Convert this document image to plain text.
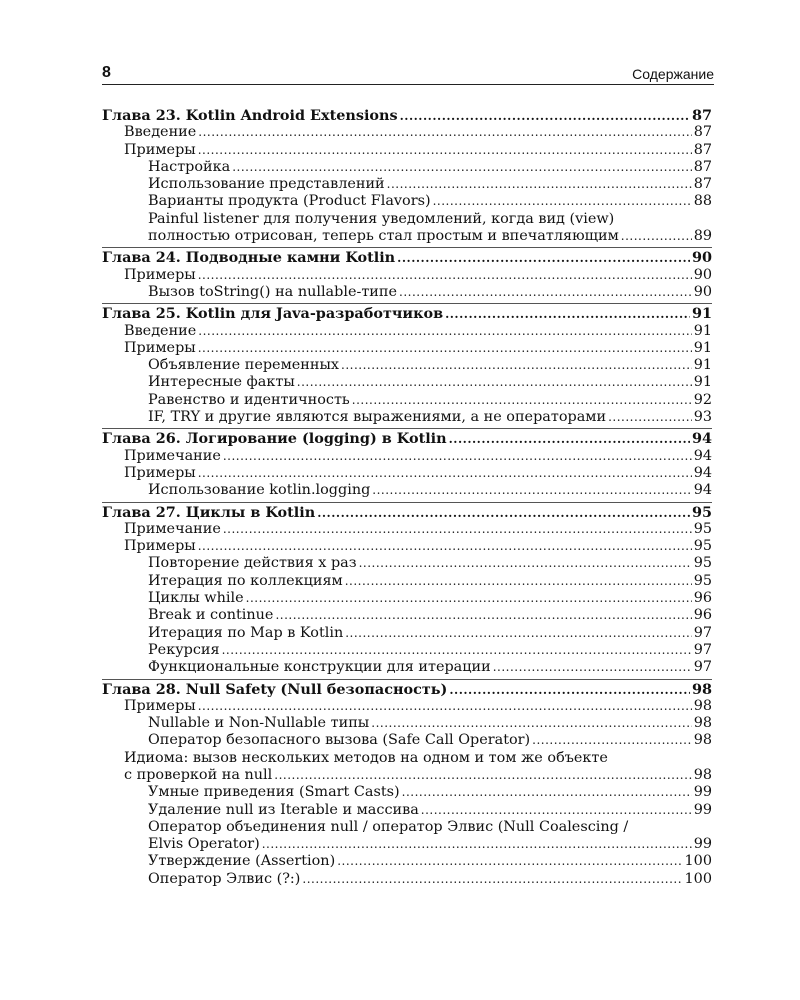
8	Содержание
Глава 23. Kotlin Android Extensions .....	87
Введение .....	87
Примеры .....	87
Настройка .....	87
Использование представлений .....	87
Варианты продукта (Product Flavors) .....	88
Painful listener для получения уведомлений, когда вид (view)
полностью отрисован, теперь стал простым и впечатляющим .....	89
Глава 24. Подводные камни Kotlin .....	90
Примеры .....	90
Вызов toString() на nullable-типе .....	90
Глава 25. Kotlin для Java-разработчиков .....	91
Введение .....	91
Примеры .....	91
Объявление переменных .....	91
Интересные факты .....	91
Равенство и идентичность .....	92
IF, TRY и другие являются выражениями, а не операторами .....	93
Глава 26. Логирование (logging) в Kotlin .....	94
Примечание .....	94
Примеры .....	94
Использование kotlin.logging .....	94
Глава 27. Циклы в Kotlin .....	95
Примечание .....	95
Примеры .....	95
Повторение действия x раз .....	95
Итерация по коллекциям .....	95
Циклы while .....	96
Break и continue .....	96
Итерация по Map в Kotlin .....	97
Рекурсия .....	97
Функциональные конструкции для итерации .....	97
Глава 28. Null Safety (Null безопасность) .....	98
Примеры .....	98
Nullable и Non-Nullable типы .....	98
Оператор безопасного вызова (Safe Call Operator) .....	98
Идиома: вызов нескольких методов на одном и том же объекте
с проверкой на null .....	98
Умные приведения (Smart Casts) .....	99
Удаление null из Iterable и массива .....	99
Оператор объединения null / оператор Элвис (Null Coalescing /
Elvis Operator) .....	99
Утверждение (Assertion) .....	100
Оператор Элвис (?:) .....	100
